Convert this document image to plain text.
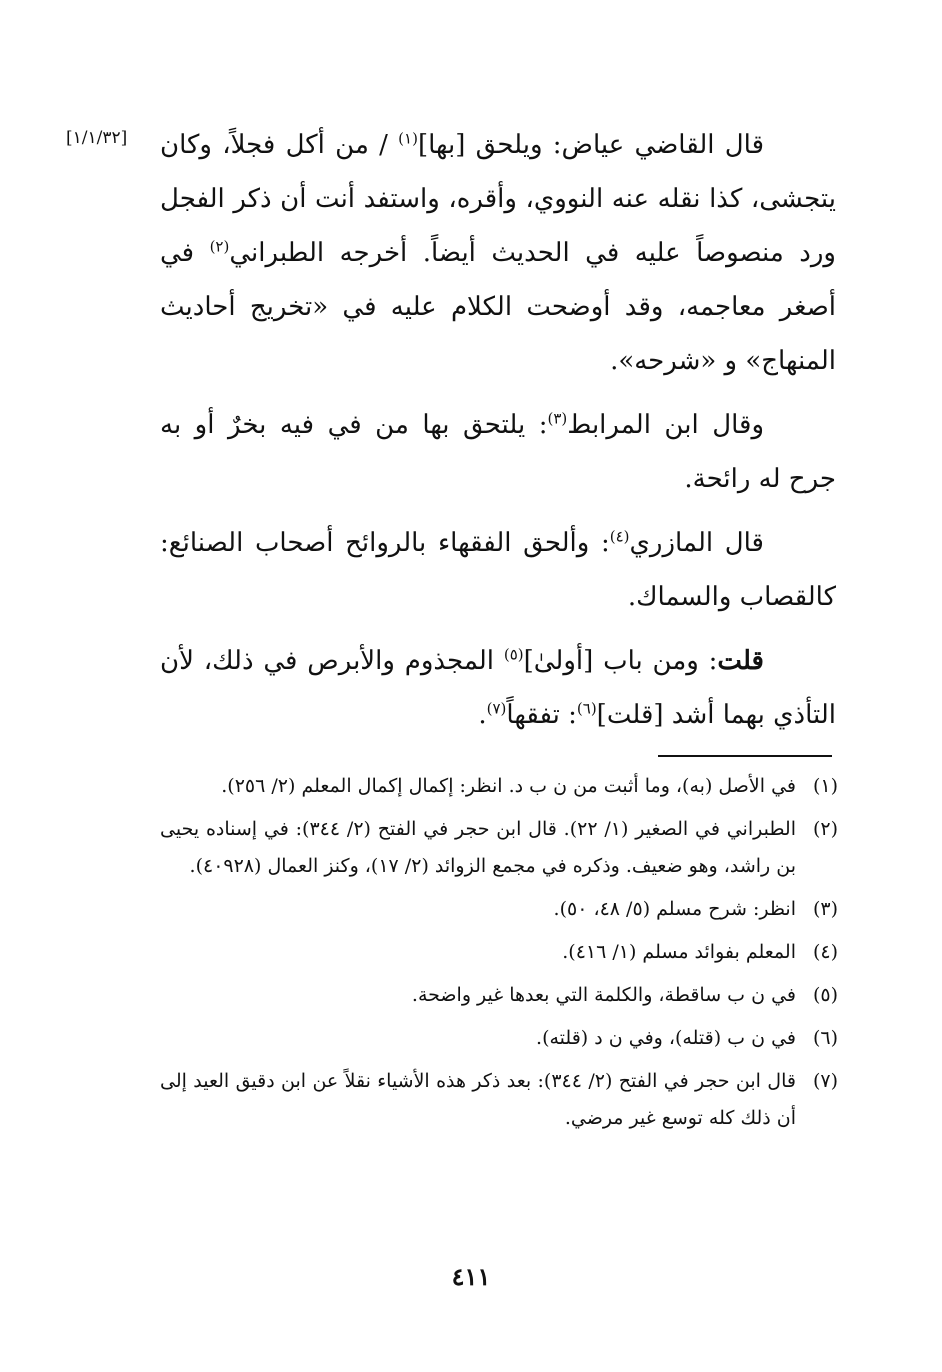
[١/١/٣٢]	قال القاضي عياض: ويلحق [بها]$^{(١)}$ / من أكل فجلاً، وكان يتجشى، كذا نقله عنه النووي، وأقره، واستفد أنت أن ذكر الفجل ورد منصوصاً عليه في الحديث أيضاً. أخرجه الطبراني$^{(٢)}$ في أصغر معاجمه، وقد أوضحت الكلام عليه في «تخريج أحاديث المنهاج» و «شرحه».

وقال ابن المرابط$^{(٣)}$: يلتحق بها من في فيه بخرٌ أو به جرح له رائحة.

قال المازري$^{(٤)}$: وألحق الفقهاء بالروائح أصحاب الصنائع: كالقصاب والسماك.

قلت: ومن باب [أولىٰ]$^{(٥)}$ المجذوم والأبرص في ذلك، لأن التأذي بهما أشد [قلت]$^{(٦)}$: تفقهاً$^{(٧)}$.

(١)
في الأصل (به)، وما أثبت من ن ب د. انظر: إكمال إكمال المعلم (٢/ ٢٥٦).
(٢)
الطبراني في الصغير (١/ ٢٢). قال ابن حجر في الفتح (٢/ ٣٤٤): في إسناده يحيى بن راشد، وهو ضعيف. وذكره في مجمع الزوائد (٢/ ١٧)، وكنز العمال (٤٠٩٢٨).
(٣)
انظر: شرح مسلم (٥/ ٤٨، ٥٠).
(٤)
المعلم بفوائد مسلم (١/ ٤١٦).
(٥)
في ن ب ساقطة، والكلمة التي بعدها غير واضحة.
(٦)
في ن ب (قتله)، وفي ن د (قلته).
(٧)
قال ابن حجر في الفتح (٢/ ٣٤٤): بعد ذكر هذه الأشياء نقلاً عن ابن دقيق العيد إلى أن ذلك كله توسع غير مرضي.
٤١١
